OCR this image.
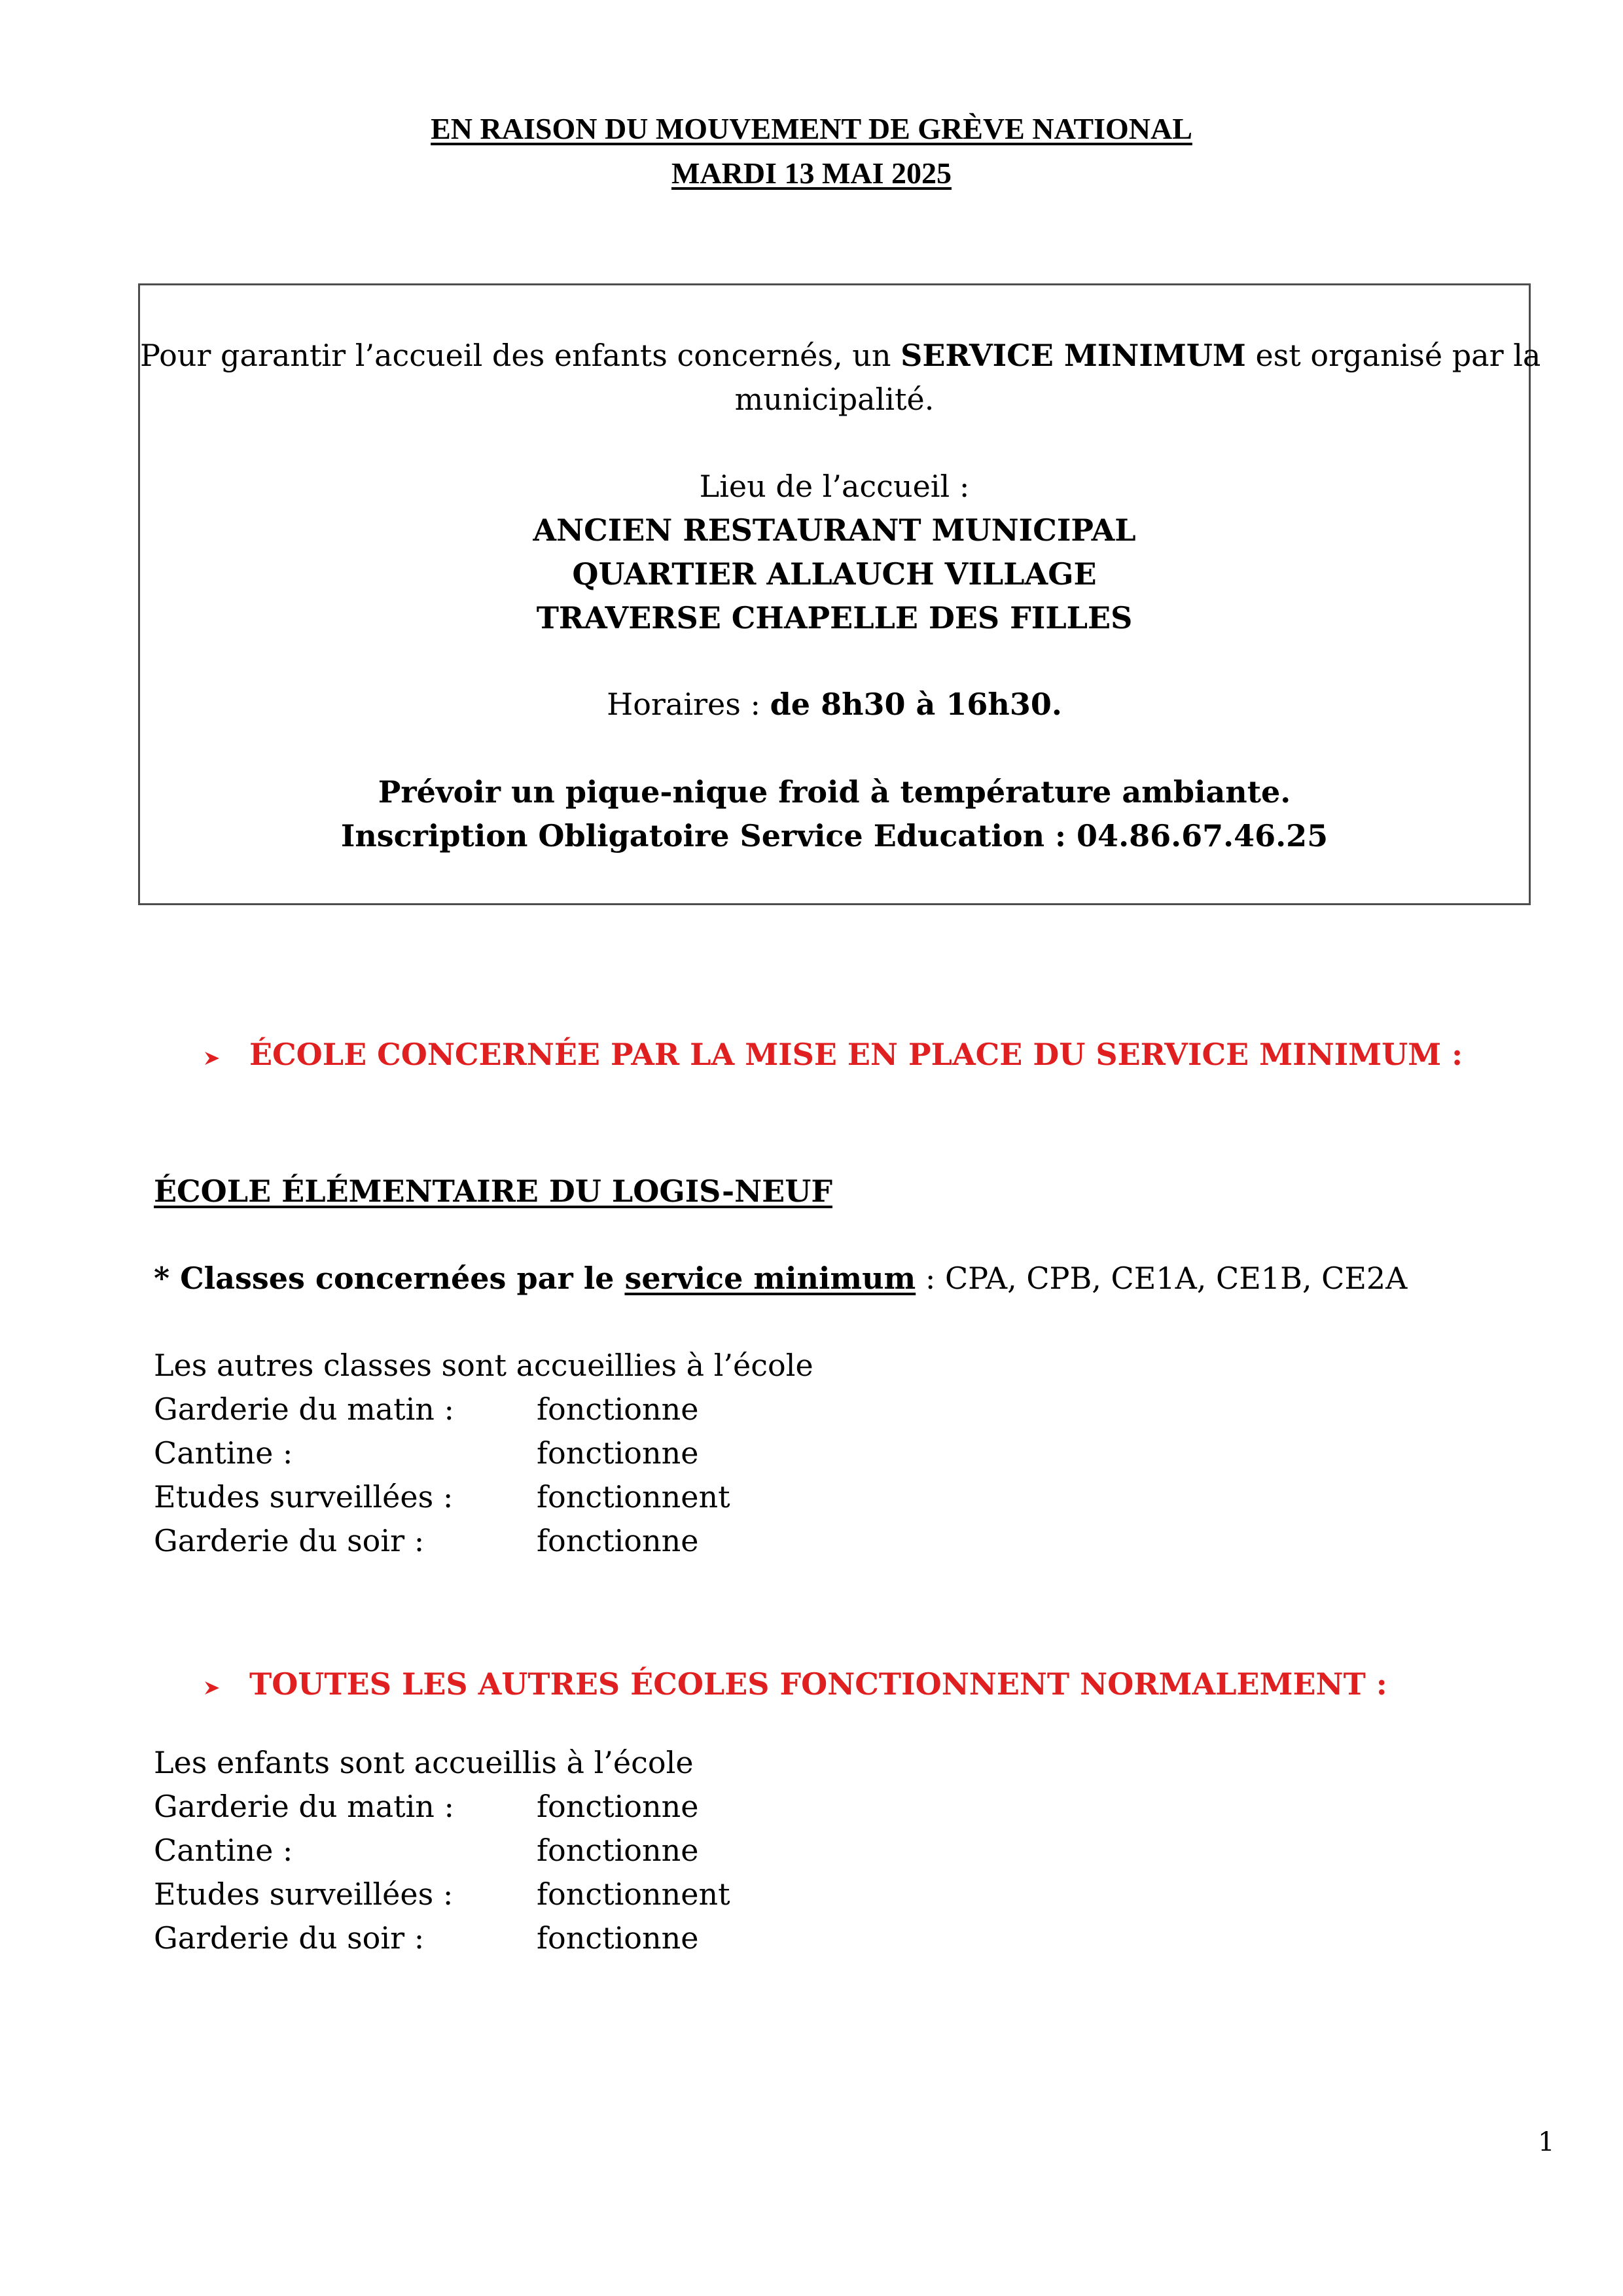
EN RAISON DU MOUVEMENT DE GRÈVE NATIONAL
MARDI 13 MAI 2025
Pour garantir l’accueil des enfants concernés, un SERVICE MINIMUM est organisé par la
municipalité.
Lieu de l’accueil :
ANCIEN RESTAURANT MUNICIPAL
QUARTIER ALLAUCH VILLAGE
TRAVERSE CHAPELLE DES FILLES
Horaires : de 8h30 à 16h30.
Prévoir un pique-nique froid à température ambiante.
Inscription Obligatoire Service Education : 04.86.67.46.25
ÉCOLE CONCERNÉE PAR LA MISE EN PLACE DU SERVICE MINIMUM :
ÉCOLE ÉLÉMENTAIRE DU LOGIS-NEUF
* Classes concernées par le service minimum : CPA, CPB, CE1A, CE1B, CE2A
Les autres classes sont accueillies à l’école
Garderie du matin :	fonctionne
Cantine :	fonctionne
Etudes surveillées :	fonctionnent
Garderie du soir :	fonctionne
TOUTES LES AUTRES ÉCOLES FONCTIONNENT NORMALEMENT :
Les enfants sont accueillis à l’école
Garderie du matin :	fonctionne
Cantine :	fonctionne
Etudes surveillées :	fonctionnent
Garderie du soir :	fonctionne
1
